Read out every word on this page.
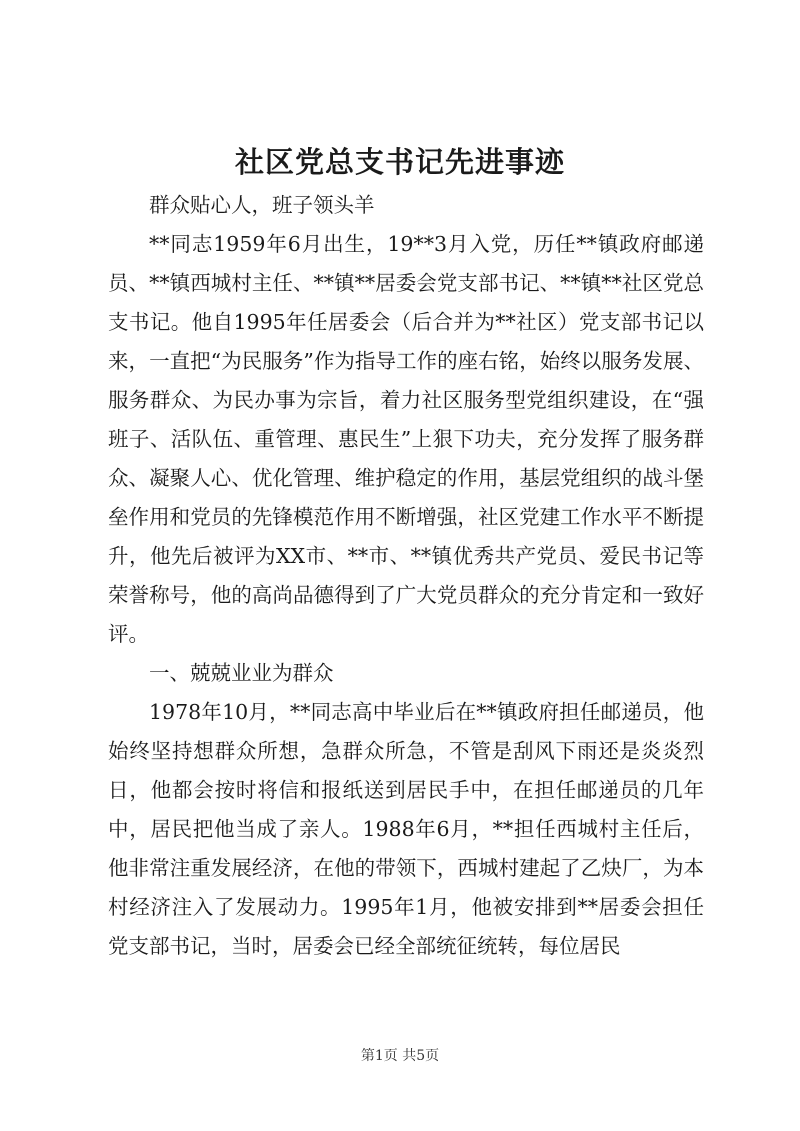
社区党总支书记先进事迹

群众贴心人，班子领头羊

**同志1959年6月出生，19**3月入党，历任**镇政府邮递员、**镇西城村主任、**镇**居委会党支部书记、**镇**社区党总支书记。他自1995年任居委会（后合并为**社区）党支部书记以来，一直把“为民服务”作为指导工作的座右铭，始终以服务发展、服务群众、为民办事为宗旨，着力社区服务型党组织建设，在“强班子、活队伍、重管理、惠民生”上狠下功夫，充分发挥了服务群众、凝聚人心、优化管理、维护稳定的作用，基层党组织的战斗堡垒作用和党员的先锋模范作用不断增强，社区党建工作水平不断提升，他先后被评为XX市、**市、**镇优秀共产党员、爱民书记等荣誉称号，他的高尚品德得到了广大党员群众的充分肯定和一致好评。

一、兢兢业业为群众

1978年10月，**同志高中毕业后在**镇政府担任邮递员，他始终坚持想群众所想，急群众所急，不管是刮风下雨还是炎炎烈日，他都会按时将信和报纸送到居民手中，在担任邮递员的几年中，居民把他当成了亲人。1988年6月，**担任西城村主任后，他非常注重发展经济，在他的带领下，西城村建起了乙炔厂，为本村经济注入了发展动力。1995年1月，他被安排到**居委会担任党支部书记，当时，居委会已经全部统征统转，每位居民

第1页 共5页
